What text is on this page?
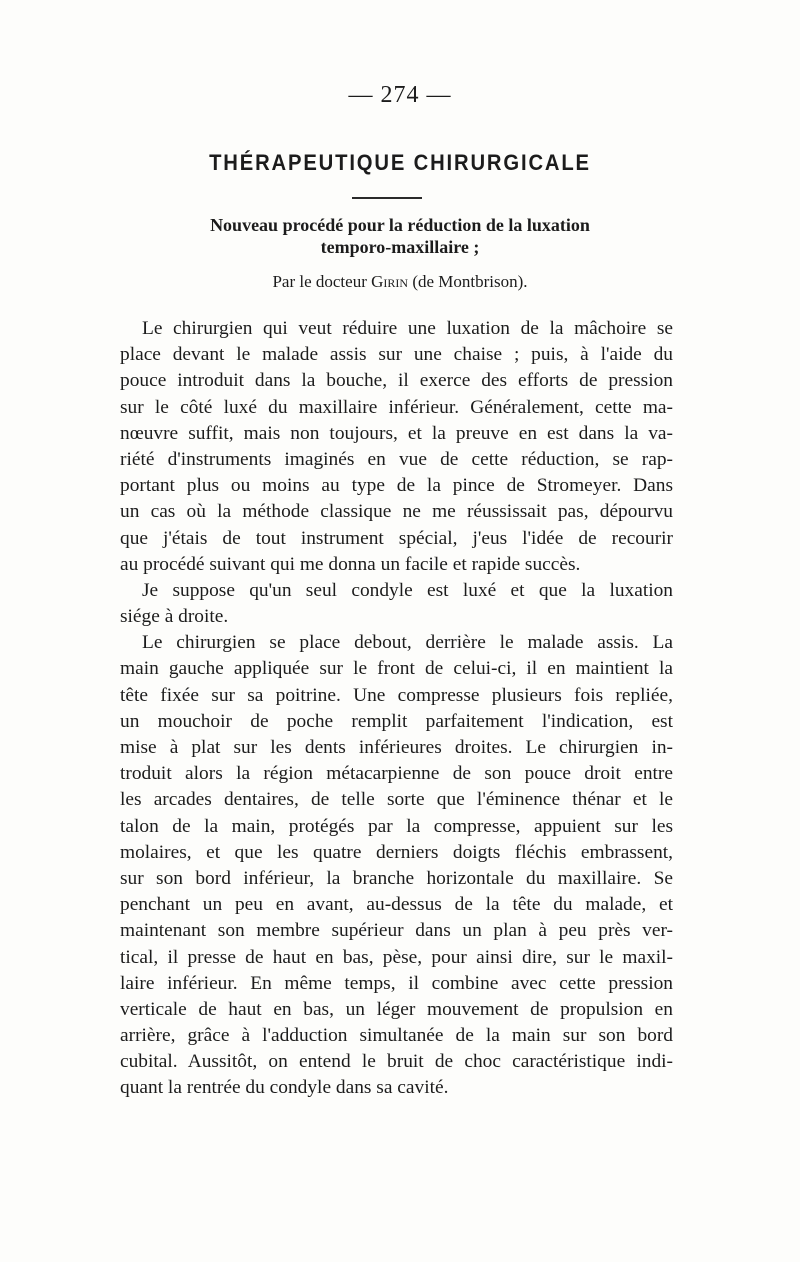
— 274 —
THÉRAPEUTIQUE CHIRURGICALE
Nouveau procédé pour la réduction de la luxation
temporo-maxillaire ;
Par le docteur Girin (de Montbrison).
Le chirurgien qui veut réduire une luxation de la mâchoire se
place devant le malade assis sur une chaise ; puis, à l'aide du
pouce introduit dans la bouche, il exerce des efforts de pression
sur le côté luxé du maxillaire inférieur. Généralement, cette ma-
nœuvre suffit, mais non toujours, et la preuve en est dans la va-
riété d'instruments imaginés en vue de cette réduction, se rap-
portant plus ou moins au type de la pince de Stromeyer. Dans
un cas où la méthode classique ne me réussissait pas, dépourvu
que j'étais de tout instrument spécial, j'eus l'idée de recourir
au procédé suivant qui me donna un facile et rapide succès.
Je suppose qu'un seul condyle est luxé et que la luxation
siége à droite.
Le chirurgien se place debout, derrière le malade assis. La
main gauche appliquée sur le front de celui-ci, il en maintient la
tête fixée sur sa poitrine. Une compresse plusieurs fois repliée,
un mouchoir de poche remplit parfaitement l'indication, est
mise à plat sur les dents inférieures droites. Le chirurgien in-
troduit alors la région métacarpienne de son pouce droit entre
les arcades dentaires, de telle sorte que l'éminence thénar et le
talon de la main, protégés par la compresse, appuient sur les
molaires, et que les quatre derniers doigts fléchis embrassent,
sur son bord inférieur, la branche horizontale du maxillaire. Se
penchant un peu en avant, au-dessus de la tête du malade, et
maintenant son membre supérieur dans un plan à peu près ver-
tical, il presse de haut en bas, pèse, pour ainsi dire, sur le maxil-
laire inférieur. En même temps, il combine avec cette pression
verticale de haut en bas, un léger mouvement de propulsion en
arrière, grâce à l'adduction simultanée de la main sur son bord
cubital. Aussitôt, on entend le bruit de choc caractéristique indi-
quant la rentrée du condyle dans sa cavité.
